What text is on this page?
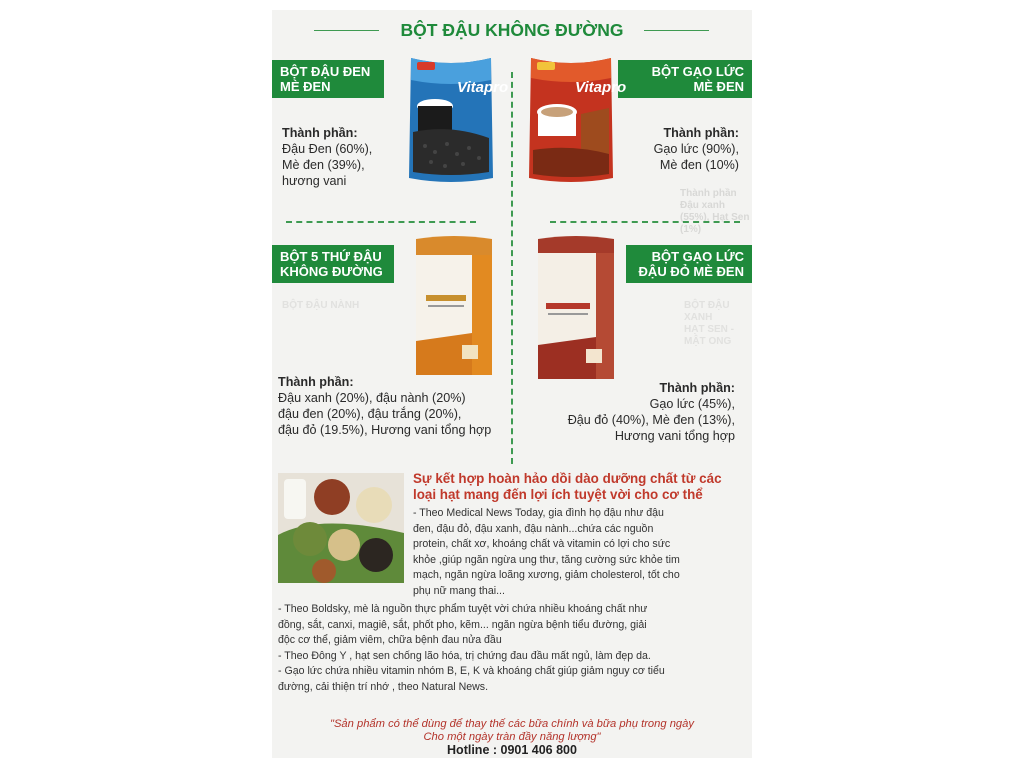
BỘT ĐẬU KHÔNG ĐƯỜNG
Thành phần
Đậu xanh (55%), Hạt Sen (1%)
BỘT ĐẬU NÀNH	BỘT ĐẬU XANH
HẠT SEN - MẬT ONG
BỘT ĐẬU ĐEN
MÈ ĐEN	Vitapro
Thành phần:
Đậu Đen (60%),
Mè đen (39%),
hương vani
BỘT GẠO LỨC
MÈ ĐEN
Vitapro
Thành phần:
Gạo lức (90%),
Mè đen (10%)
BỘT 5 THỨ ĐẬU
KHÔNG ĐƯỜNG
Thành phần:
Đậu xanh (20%), đậu nành (20%)
đậu đen (20%), đậu trắng (20%),
đậu đỏ (19.5%), Hương vani tổng hợp
BỘT GẠO LỨC
ĐẬU ĐỎ MÈ ĐEN
Thành phần:
Gạo lức (45%),
Đậu đỏ (40%), Mè đen (13%),
Hương vani tổng hợp
Sự kết hợp hoàn hảo dồi dào dưỡng chất từ các
loại hạt mang đến lợi ích tuyệt vời cho cơ thể
- Theo Medical News Today, gia đình họ đậu như đậu
đen, đậu đỏ, đậu xanh, đậu nành...chứa các nguồn
protein, chất xơ, khoáng chất và vitamin có lợi cho sức
khỏe ,giúp ngăn ngừa ung thư, tăng cường sức khỏe tim
mạch, ngăn ngừa loãng xương, giảm cholesterol, tốt cho
phụ nữ mang thai...
- Theo Boldsky, mè là nguồn thực phẩm tuyệt vời chứa nhiều khoáng chất như
đồng, sắt, canxi, magiê, sắt, phốt pho, kẽm... ngăn ngừa bệnh tiểu đường, giải
độc cơ thể, giảm viêm, chữa bệnh đau nửa đầu
- Theo Đông Y , hạt sen chống lão hóa, trị chứng đau đầu mất ngủ, làm đẹp da.
- Gạo lức chứa nhiều vitamin nhóm B, E, K và khoáng chất giúp giảm nguy cơ tiểu
đường, cải thiện trí nhớ , theo Natural News.
"Sản phẩm có thể dùng để thay thế các bữa chính và bữa phụ trong ngày
Cho một ngày tràn đầy năng lượng"
Hotline : 0901 406 800
